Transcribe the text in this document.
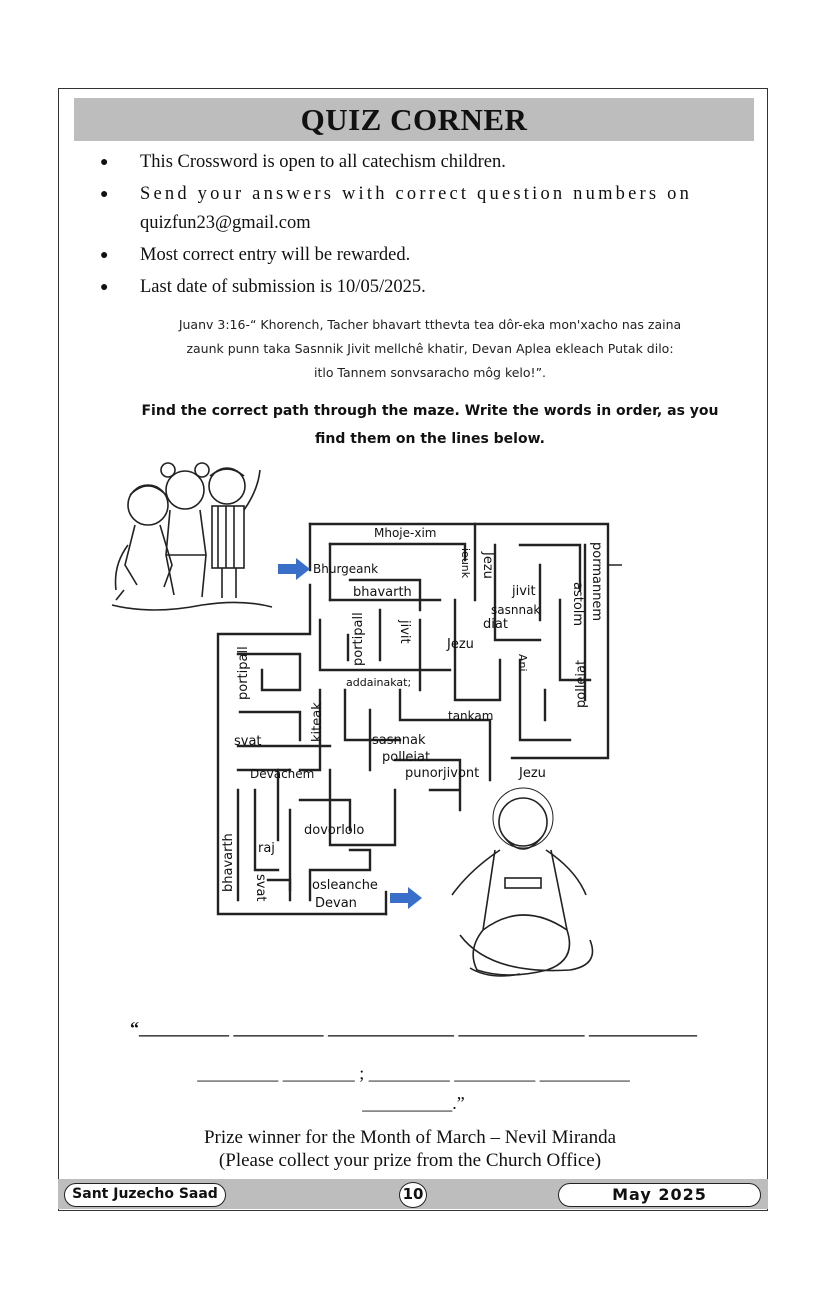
QUIZ CORNER
● This Crossword is open to all catechism children.
● Send your answers with correct question numbers on
quizfun23@gmail.com
● Most correct entry will be rewarded.
● Last date of submission is 10/05/2025.
Juanv 3:16-“ Khorench, Tacher bhavart tthevta tea dôr-eka mon'xacho nas zaina
zaunk punn taka Sasnnik Jivit mellchê khatir, Devan Aplea ekleach Putak dilo:
itlo Tannem sonvsaracho môg kelo!”.
Find the correct path through the maze. Write the words in order, as you
find them on the lines below.
Mhoje-xim
Bhurgeank
bhavarth
ieunk Jezu
jivit
sasnnak
diat
pormannem
astolm
portipall jivit
Jezu
Ani	polleiat
portipall	addainakat;
kiteak	tankam
svat	sasnnak
polleiat
punorjivont	Jezu
Devachem
dovorlolo
bhavarth raj
svat	osleanche
Devan
“__________ __________ ______________ ______________ ____________
_________ ________ ; _________ _________ __________
__________.”
Prize winner for the Month of March – Nevil Miranda
(Please collect your prize from the Church Office)
Sant Juzecho Saad	10	May 2025
